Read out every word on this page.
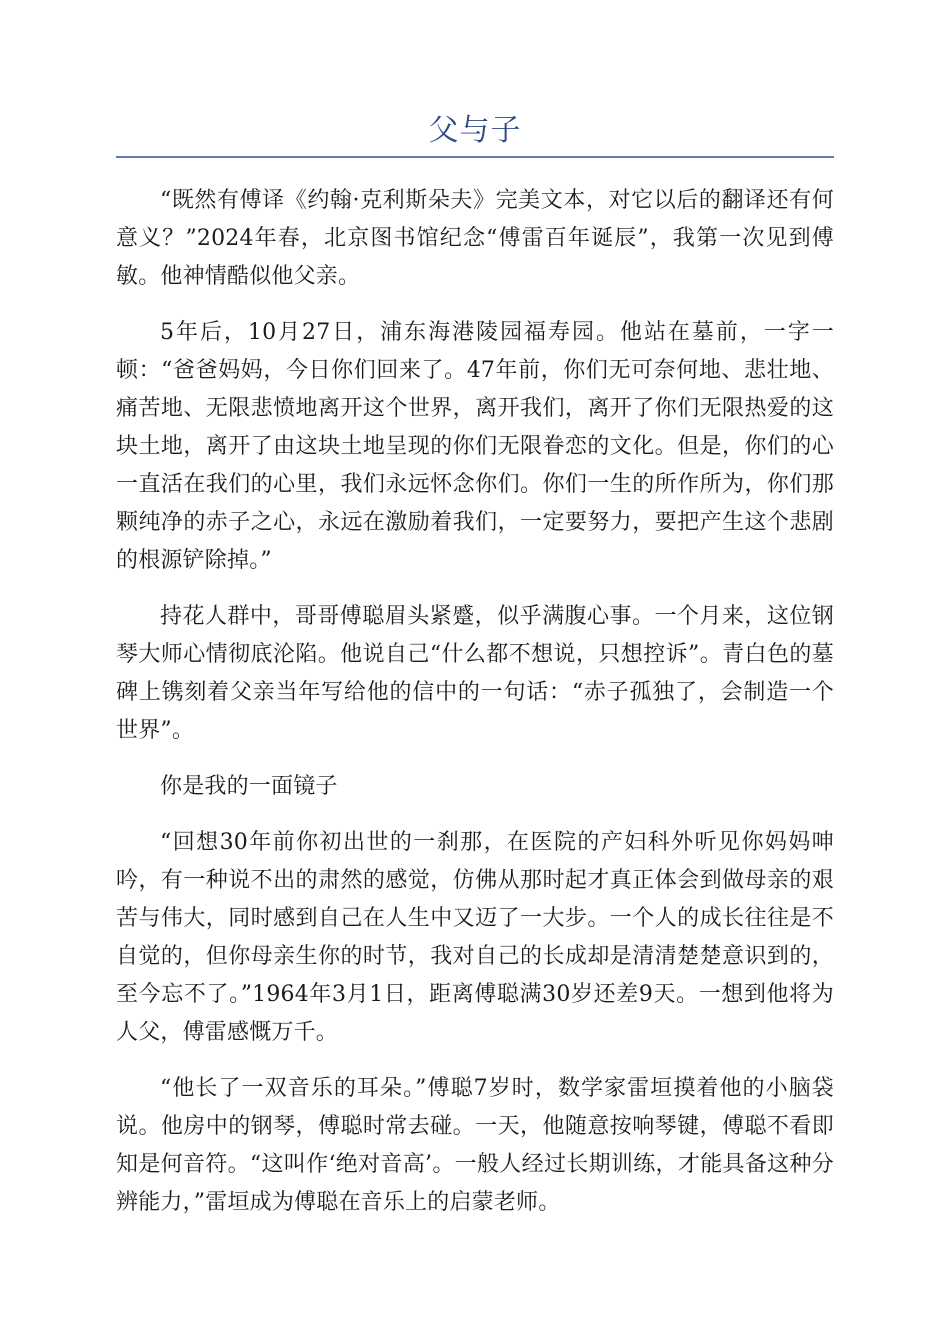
父与子

“既然有傅译《约翰·克利斯朵夫》完美文本，对它以后的翻译还有何意义？”2024年春，北京图书馆纪念“傅雷百年诞辰”，我第一次见到傅敏。他神情酷似他父亲。

5年后，10月27日，浦东海港陵园福寿园。他站在墓前，一字一顿：“爸爸妈妈，今日你们回来了。47年前，你们无可奈何地、悲壮地、痛苦地、无限悲愤地离开这个世界，离开我们，离开了你们无限热爱的这块土地，离开了由这块土地呈现的你们无限眷恋的文化。但是，你们的心一直活在我们的心里，我们永远怀念你们。你们一生的所作所为，你们那颗纯净的赤子之心，永远在激励着我们，一定要努力，要把产生这个悲剧的根源铲除掉。”

持花人群中，哥哥傅聪眉头紧蹙，似乎满腹心事。一个月来，这位钢琴大师心情彻底沦陷。他说自己“什么都不想说，只想控诉”。青白色的墓碑上镌刻着父亲当年写给他的信中的一句话：“赤子孤独了，会制造一个世界”。

你是我的一面镜子

“回想30年前你初出世的一刹那，在医院的产妇科外听见你妈妈呻吟，有一种说不出的肃然的感觉，仿佛从那时起才真正体会到做母亲的艰苦与伟大，同时感到自己在人生中又迈了一大步。一个人的成长往往是不自觉的，但你母亲生你的时节，我对自己的长成却是清清楚楚意识到的，至今忘不了。”1964年3月1日，距离傅聪满30岁还差9天。一想到他将为人父，傅雷感慨万千。

“他长了一双音乐的耳朵。”傅聪7岁时，数学家雷垣摸着他的小脑袋说。他房中的钢琴，傅聪时常去碰。一天，他随意按响琴键，傅聪不看即知是何音符。“这叫作‘绝对音高’。一般人经过长期训练，才能具备这种分辨能力，”雷垣成为傅聪在音乐上的启蒙老师。
